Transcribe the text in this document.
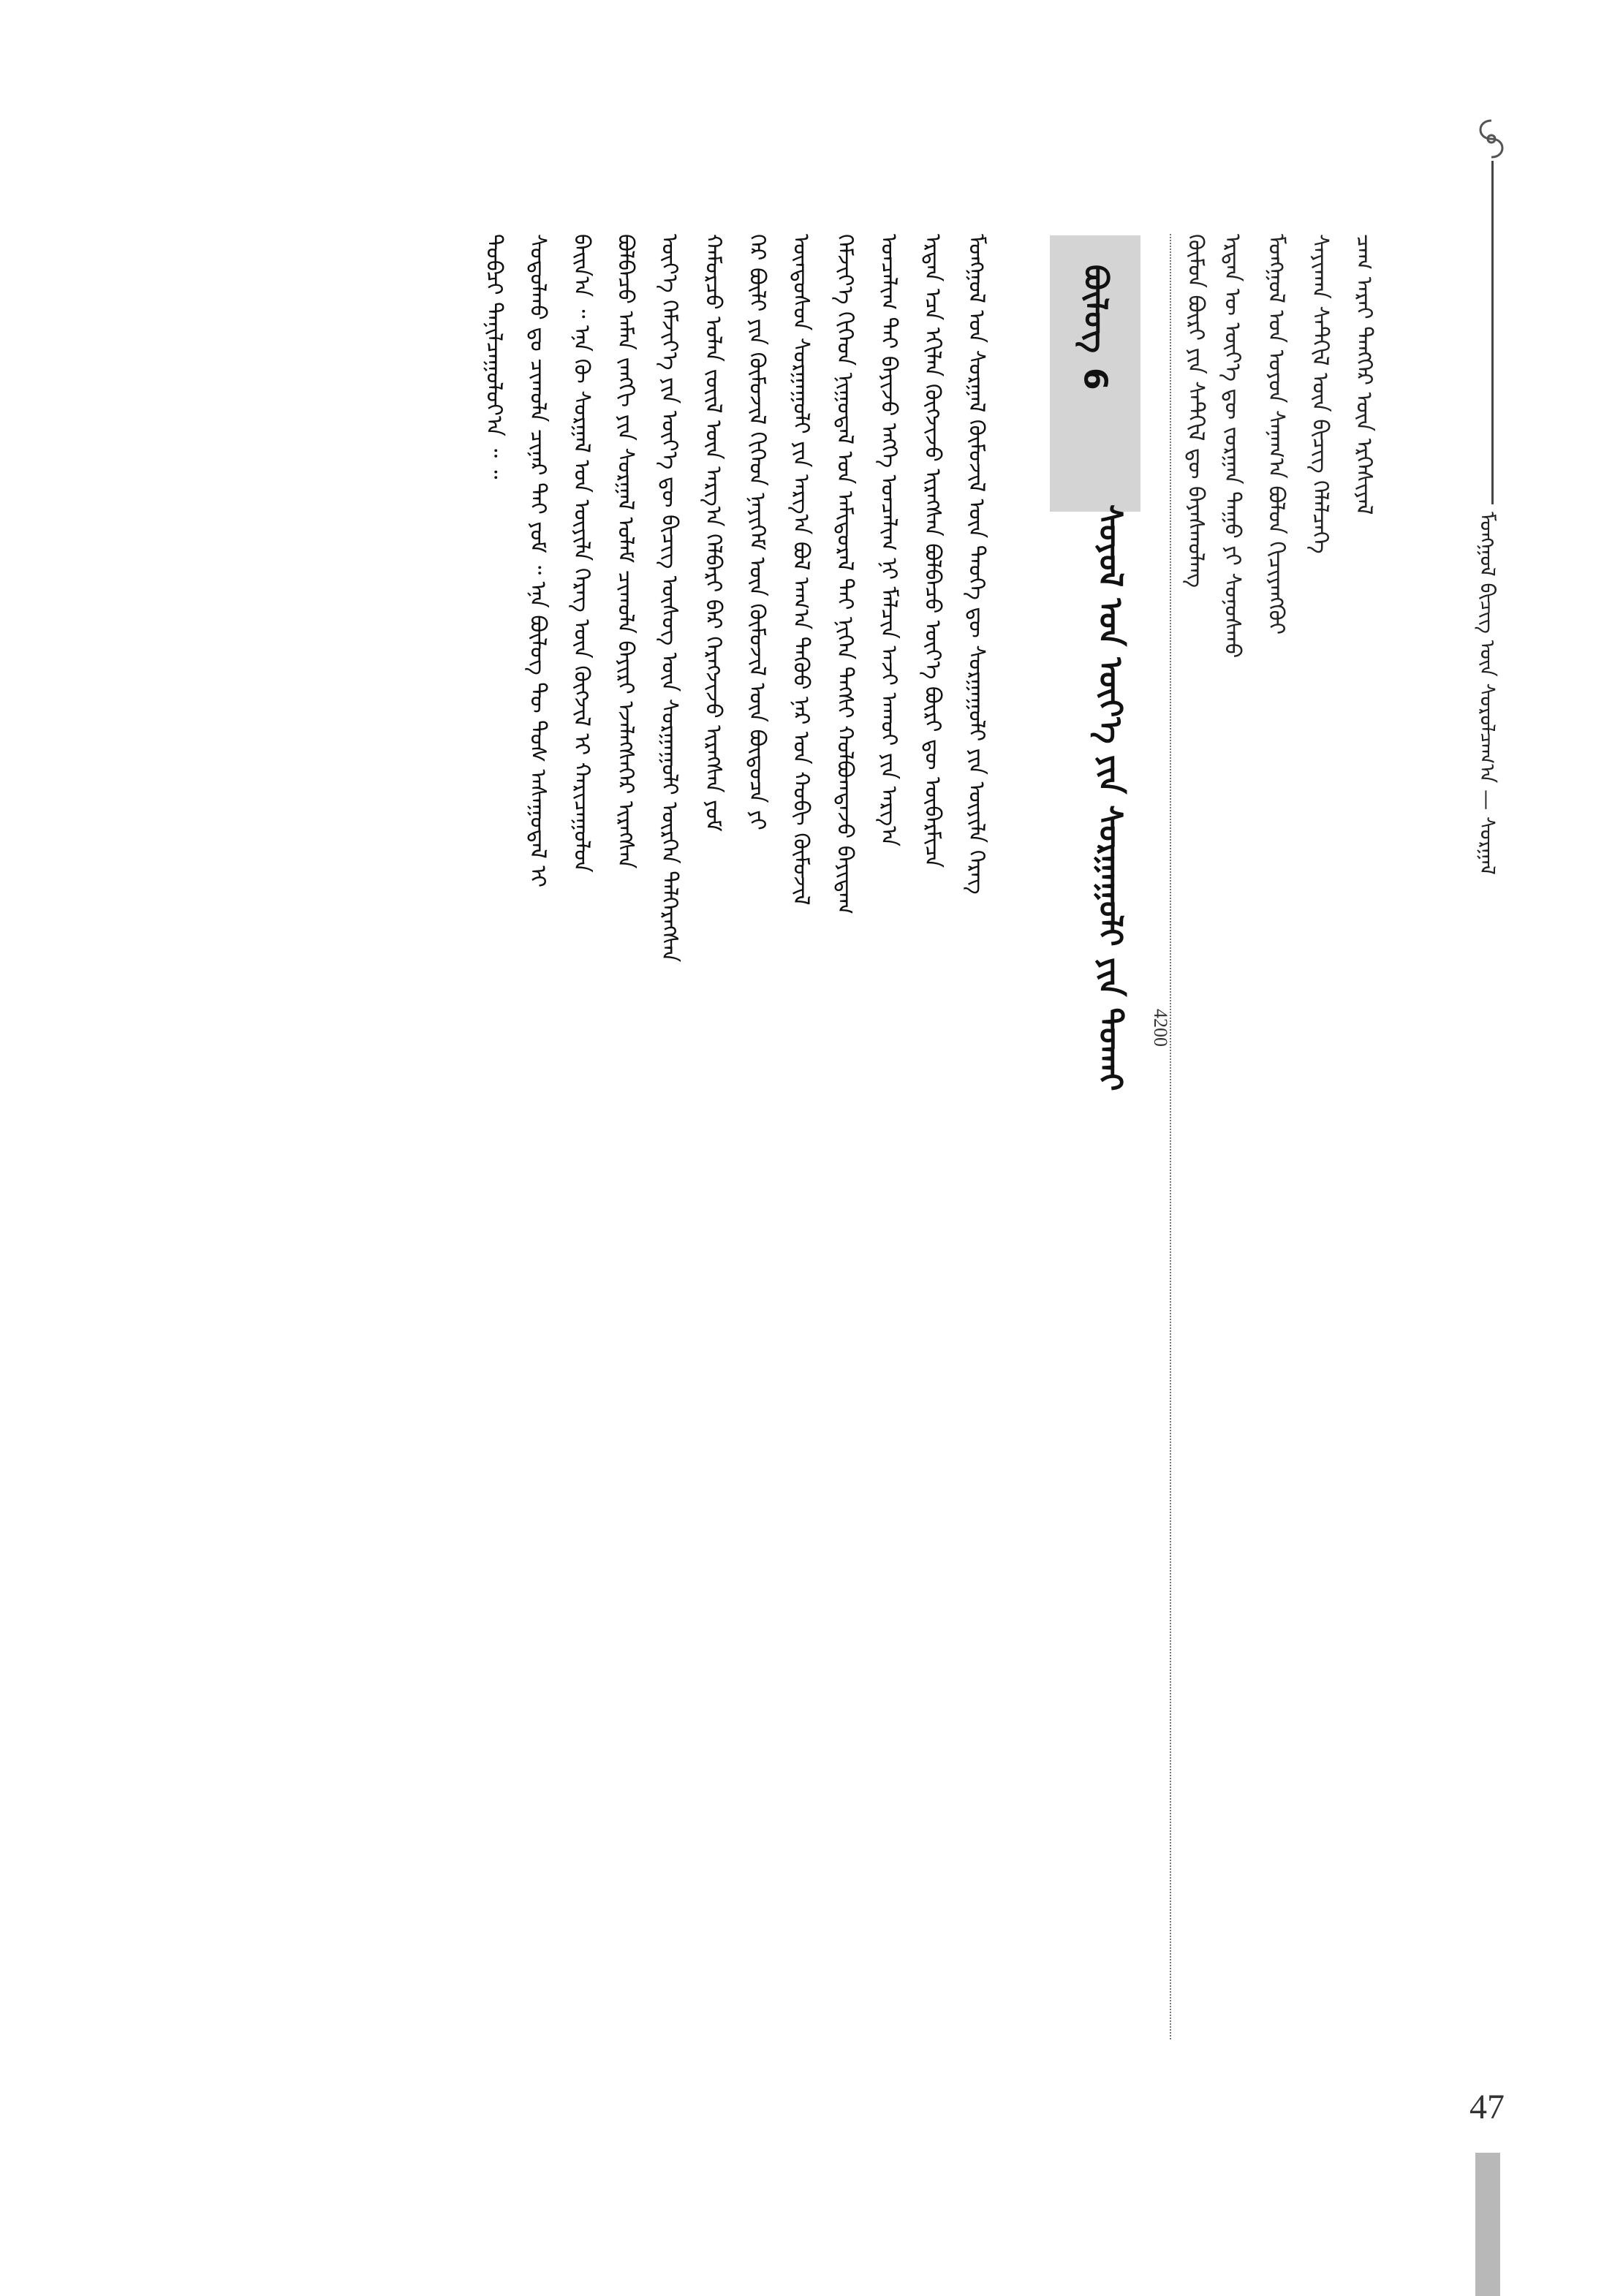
ᠮᠣᠩᠭᠣᠯ ᠪᠢᠴᠢᠭ ᠦᠨ ᠰᠤᠷᠤᠯᠴᠠᠭ᠎ᠠ — ᠰᠤᠷᠭᠠᠯ
ᠴᠠᠭ ᠠᠷᠠᠢ ᠲᠡᠩᠭᠡᠷ ᠦᠨ ᠡᠷᠬᠡᠰᠢᠶᠡᠯ
ᠰᠠᠶᠢᠬᠠᠨ ᠰᠡᠲᠬᠢᠯ ᠦᠨ ᠪᠢᠴᠢᠭ᠌ ᠬᠡᠯᠡᠯᠴᠡᠭᠡ
ᠮᠣᠩᠭᠣᠯ ᠤᠨ ᠣᠶᠤᠨ ᠰᠠᠨᠠᠭ᠎ᠠ ᠪᠣᠯᠤᠨ ᠬᠢᠴᠢᠶᠡᠩᠭᠦᠢ
ᠡᠷᠲᠡᠨ ᠦ ᠦᠶ᠎ᠡ ᠳᠦ ᠵᠤᠷᠭᠠᠨ ᠳᠠᠭᠤ ᠶᠢ ᠰᠣᠨᠣᠰᠬᠤ
ᠬᠦᠮᠦᠨ ᠪᠦᠷᠢ ᠶᠢᠨ ᠰᠡᠲᠬᠢᠯ ᠳᠦ ᠪᠠᠶᠠᠰᠬᠤᠯᠠᠩ
4200
ᠪᠦᠯᠦᠭ
6
ᠰᠣᠶᠣᠯ ᠤᠨ ᠦᠶ᠎ᠡ ᠶᠢᠨ ᠰᠤᠷᠭᠠᠭᠤᠯᠢ ᠶᠢᠨ ᠲᠤᠬᠠᠢ
ᠮᠣᠩᠭᠣᠯ ᠤᠨ ᠰᠤᠷᠭᠠᠯ ᠬᠦᠮᠦᠵᠢᠯ ᠦᠨ ᠲᠡᠦᠬᠡ ᠳᠦ ᠰᠤᠷᠭᠠᠭᠤᠯᠢ ᠶᠢᠨ ᠦᠶᠢᠯᠡ ᠬᠡᠷᠡᠭ
ᠡᠷᠲᠡᠨ ᠡᠴᠡ ᠡᠬᠢᠯᠡᠨ ᠬᠦᠭᠵᠢᠵᠦ ᠢᠷᠡᠭᠰᠡᠨ ᠪᠣᠯᠪᠠᠴᠤ ᠦᠶ᠎ᠡ ᠪᠦᠷᠢ ᠳᠦ ᠥᠪᠡᠷᠮᠢᠴᠡ
ᠣᠨᠴᠠᠯᠢᠭ ᠲᠠᠢ ᠪᠠᠶᠢᠵᠤ ᠡᠩᠬᠡ ᠣᠨᠴᠠᠯᠢᠭ ᠨᠢ ᠮᠠᠯᠴᠢᠨ ᠠᠵᠢ ᠠᠬᠤᠢ ᠶᠢᠨ ᠠᠷᠭ᠎ᠠ
ᠬᠡᠮᠵᠢᠶ᠎ᠡ ᠬᠢᠭᠡᠳ ᠨᠢᠭᠤᠳᠠᠯ ᠤᠨ ᠠᠮᠢᠳᠤᠷᠠᠯ ᠲᠠᠢ ᠨᠢᠬᠡᠨ ᠲᠡᠭᠰᠢ ᠬᠣᠯᠪᠣᠭᠳᠠᠵᠤ ᠪᠠᠶᠢᠳᠠᠭ
ᠦᠨᠳᠦᠰᠦᠨ ᠰᠤᠷᠭᠠᠭᠤᠯᠢ ᠶᠢᠨ ᠠᠷᠭ᠎ᠠ ᠪᠣᠯ ᠠᠬ᠎ᠠ ᠳᠡᠭᠦᠦ ᠨᠠᠷ ᠤᠨ ᠬᠤᠪᠢ ᠬᠦᠮᠦᠵᠢᠯ
ᠭᠡᠷ ᠪᠦᠯᠢ ᠶᠢᠨ ᠬᠦᠮᠦᠵᠢᠯ ᠬᠢᠭᠡᠳ ᠨᠡᠶᠢᠭᠡᠮ ᠦᠨ ᠬᠦᠮᠦᠵᠢᠯ ᠦᠨ ᠪᠦᠲᠦᠴᠡ ᠶᠢ
ᠬᠠᠮᠤᠷᠴᠤ ᠣᠯᠠᠨ ᠵᠦᠢᠯ ᠦᠨ ᠠᠷᠭ᠎ᠠ ᠬᠡᠯᠪᠡᠷᠢ ᠪᠠᠷ ᠬᠡᠷᠡᠭᠵᠢᠵᠦ ᠢᠷᠡᠭᠰᠡᠨ ᠶᠤᠮ
ᠦᠶ᠎ᠡ ᠬᠡᠮᠵᠢᠶ᠎ᠡ ᠶᠢᠨ ᠦᠶ᠎ᠡ ᠳᠦ ᠪᠢᠴᠢᠭ ᠦᠰᠦᠭ ᠦᠨ ᠰᠤᠷᠭᠠᠭᠤᠯᠢ ᠥᠷᠭᠡᠨ ᠳᠡᠯᠭᠡᠷᠡᠭᠰᠡᠨ
ᠪᠣᠯᠪᠠᠴᠤ ᠠᠮᠠᠨ ᠵᠠᠩᠬᠢ ᠶᠢᠨ ᠰᠤᠷᠭᠠᠯ ᠤᠯᠠᠮ ᠴᠢᠬᠤᠯᠠ ᠪᠠᠶᠢᠷᠢ ᠡᠵᠡᠯᠡᠭᠰᠡᠭᠡᠷ ᠢᠷᠡᠭᠰᠡᠨ
ᠪᠠᠢᠨ᠎ᠠ ᠃ ᠡᠨᠡ ᠬᠦ ᠰᠤᠷᠭᠠᠯ ᠤᠨ ᠦᠶᠢᠯᠡ ᠬᠡᠷᠡᠭ ᠦᠨ ᠬᠥᠭᠵᠢᠯ ᠢ ᠬᠠᠷᠢᠴᠠᠭᠤᠯᠤᠨ
ᠰᠤᠳᠤᠯᠬᠤ ᠳᠤ ᠴᠢᠬᠤᠯᠠ ᠴᠢᠨᠠᠷ ᠲᠠᠢ ᠶᠤᠮ ᠃ ᠡᠨᠡ ᠪᠦᠯᠦᠭ ᠲᠦ ᠲᠤᠰ ᠠᠰᠠᠭᠤᠳᠠᠯ ᠢ
ᠲᠣᠪᠴᠢ ᠲᠠᠨᠢᠯᠴᠠᠭᠤᠯᠤᠶ᠎ᠠ ᠃ ᠃
47
